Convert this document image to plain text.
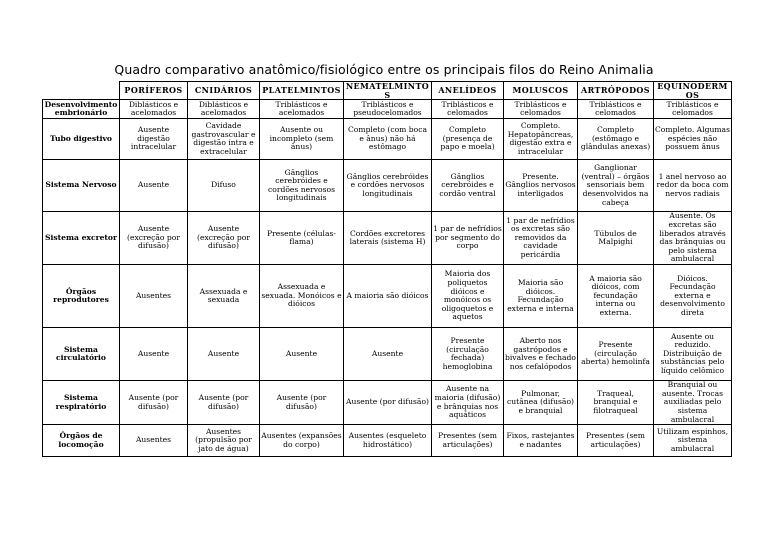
Quadro comparativo anatômico/fisiológico entre os principais filos do Reino Animalia
	PORÍFEROS	CNIDÁRIOS	PLATELMINTOS	NEMATELMINTOS	ANELÍDEOS	MOLUSCOS	ARTRÓPODOS	EQUINODERMOS
Desenvolvimento embrionário	Diblásticos e acelomados	Diblásticos e acelomados	Triblásticos e acelomados	Triblásticos e pseudocelomados	Triblásticos e celomados	Triblásticos e celomados	Triblásticos e celomados	Triblásticos e celomados
Tubo digestivo	Ausente digestão intracelular	Cavidade gastrovascular e digestão intra e extracelular	Ausente ou incompleto (sem ânus)	Completo (com boca e ânus) não há estômago	Completo (presença de papo e moela)	Completo. Hepatopâncreas, digestão extra e intracelular	Completo (estômago e glândulas anexas)	Completo. Algumas espécies não possuem ânus
Sistema Nervoso	Ausente	Difuso	Gânglios cerebróides e cordões nervosos longitudinais	Gânglios cerebróides e cordões nervosos longitudinais	Gânglios cerebróides e cordão ventral	Presente. Gânglios nervosos interligados	Ganglionar (ventral) – órgãos sensoriais bem desenvolvidos na cabeça	1 anel nervoso ao redor da boca com nervos radiais
Sistema excretor	Ausente (excreção por difusão)	Ausente (excreção por difusão)	Presente (células-flama)	Cordões excretores laterais (sistema H)	1 par de nefrídios por segmento do corpo	1 par de nefrídios os excretas são removidos da cavidade pericárdia	Túbulos de Malpighi	Ausente. Os excretas são liberados através das brânquias ou pelo sistema ambulacral
Órgãos reprodutores	Ausentes	Assexuada e sexuada	Assexuada e sexuada. Monóicos e dióicos	A maioria são dióicos	Maioria dos poliquetos dióicos e monóicos os oligoquetos e aquetos	Maioria são dióicos. Fecundação externa e interna	A maioria são dióicos, com fecundação interna ou externa.	Dióicos. Fecundação externa e desenvolvimento direta
Sistema circulatório	Ausente	Ausente	Ausente	Ausente	Presente (circulação fechada) hemoglobina	Aberto nos gastrópodos e bivalves e fechado nos cefalópodos	Presente (circulação aberta) hemolinfa	Ausente ou reduzido. Distribuição de substâncias pelo líquido celômico
Sistema respiratório	Ausente (por difusão)	Ausente (por difusão)	Ausente (por difusão)	Ausente (por difusão)	Ausente na maioria (difusão) e brânquias nos aquáticos	Pulmonar, cutânea (difusão) e branquial	Traqueal, branquial e filotraqueal	Branquial ou ausente. Trocas auxiliadas pelo sistema ambulacral
Órgãos de locomoção	Ausentes	Ausentes (propulsão por jato de água)	Ausentes (expansões do corpo)	Ausentes (esqueleto hidrostático)	Presentes (sem articulações)	Fixos, rastejantes e nadantes	Presentes (sem articulações)	Utilizam espinhos, sistema ambulacral
